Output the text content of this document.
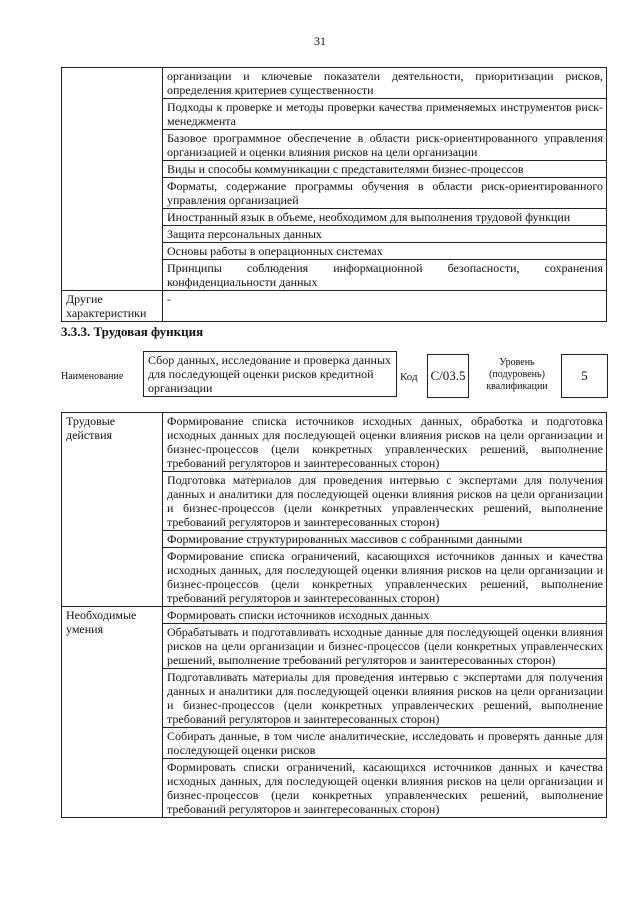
31
	организации и ключевые показатели деятельности, приоритизации рисков, определения критериев существенности
	Подходы к проверке и методы проверки качества применяемых инструментов риск-менеджмента
	Базовое программное обеспечение в области риск-ориентированного управления организацией и оценки влияния рисков на цели организации
	Виды и способы коммуникации с представителями бизнес-процессов
	Форматы, содержание программы обучения в области риск-ориентированного управления организацией
	Иностранный язык в объеме, необходимом для выполнения трудовой функции
	Защита персональных данных
	Основы работы в операционных системах
	Принципы соблюдения информационной безопасности, сохранения конфиденциальности данных
Другие характеристики	-
3.3.3. Трудовая функция
Наименование
Сбор данных, исследование и проверка данных для последующей оценки рисков кредитной организации
Код C/03.5
Уровень (подуровень) квалификации
5
Трудовые действия	Формирование списка источников исходных данных, обработка и подготовка исходных данных для последующей оценки влияния рисков на цели организации и бизнес-процессов (цели конкретных управленческих решений, выполнение требований регуляторов и заинтересованных сторон)
	Подготовка материалов для проведения интервью с экспертами для получения данных и аналитики для последующей оценки влияния рисков на цели организации и бизнес-процессов (цели конкретных управленческих решений, выполнение требований регуляторов и заинтересованных сторон)
	Формирование структурированных массивов с собранными данными
	Формирование списка ограничений, касающихся источников данных и качества исходных данных, для последующей оценки влияния рисков на цели организации и бизнес-процессов (цели конкретных управленческих решений, выполнение требований регуляторов и заинтересованных сторон)
Необходимые умения	Формировать списки источников исходных данных
	Обрабатывать и подготавливать исходные данные для последующей оценки влияния рисков на цели организации и бизнес-процессов (цели конкретных управленческих решений, выполнение требований регуляторов и заинтересованных сторон)
	Подготавливать материалы для проведения интервью с экспертами для получения данных и аналитики для последующей оценки влияния рисков на цели организации и бизнес-процессов (цели конкретных управленческих решений, выполнение требований регуляторов и заинтересованных сторон)
	Собирать данные, в том числе аналитические, исследовать и проверять данные для последующей оценки рисков
	Формировать списки ограничений, касающихся источников данных и качества исходных данных, для последующей оценки влияния рисков на цели организации и бизнес-процессов (цели конкретных управленческих решений, выполнение требований регуляторов и заинтересованных сторон)
